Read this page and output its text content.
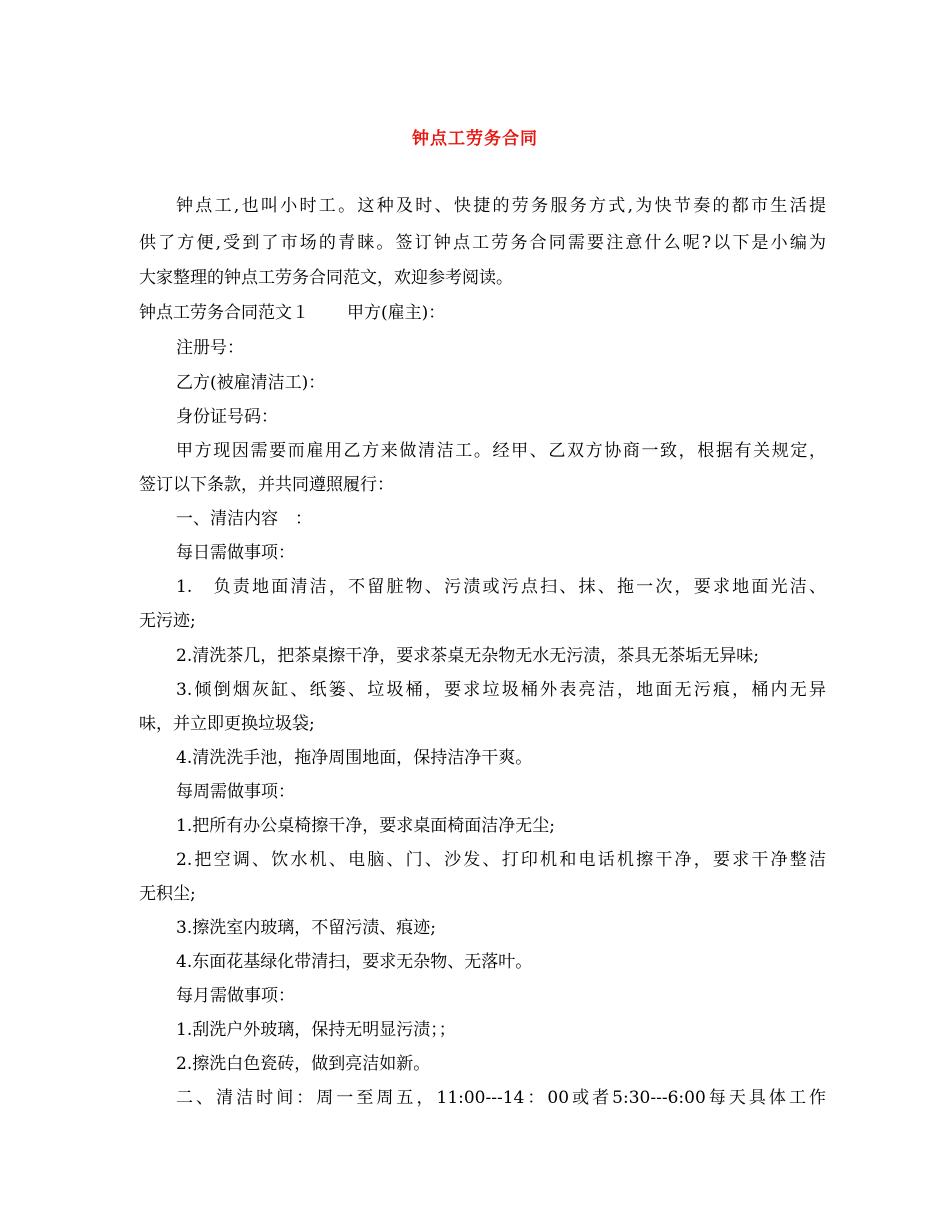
钟点工劳务合同
钟点工,也叫小时工。这种及时、快捷的劳务服务方式,为快节奏的都市生活提
供了方便,受到了市场的青睐。签订钟点工劳务合同需要注意什么呢?以下是小编为
大家整理的钟点工劳务合同范文，欢迎参考阅读。
钟点工劳务合同范文１ 甲方(雇主)：
注册号：
乙方(被雇清洁工)：
身份证号码：
甲方现因需要而雇用乙方来做清洁工。经甲、乙双方协商一致，根据有关规定，
签订以下条款，并共同遵照履行：
一、清洁内容　：
每日需做事项：
1.　负责地面清洁，不留脏物、污渍或污点扫、抹、拖一次，要求地面光洁、
无污迹;
2.清洗茶几，把茶桌擦干净，要求茶桌无杂物无水无污渍，茶具无茶垢无异味;
3.倾倒烟灰缸、纸篓、垃圾桶，要求垃圾桶外表亮洁，地面无污痕，桶内无异
味，并立即更换垃圾袋;
4.清洗洗手池，拖净周围地面，保持洁净干爽。
每周需做事项：
1.把所有办公桌椅擦干净，要求桌面椅面洁净无尘;
2.把空调、饮水机、电脑、门、沙发、打印机和电话机擦干净，要求干净整洁
无积尘;
3.擦洗室内玻璃，不留污渍、痕迹;
4.东面花基绿化带清扫，要求无杂物、无落叶。
每月需做事项：
1.刮洗户外玻璃，保持无明显污渍；；
2.擦洗白色瓷砖，做到亮洁如新。
二、清洁时间：周一至周五，11:00---14：00或者5:30---6:00每天具体工作
